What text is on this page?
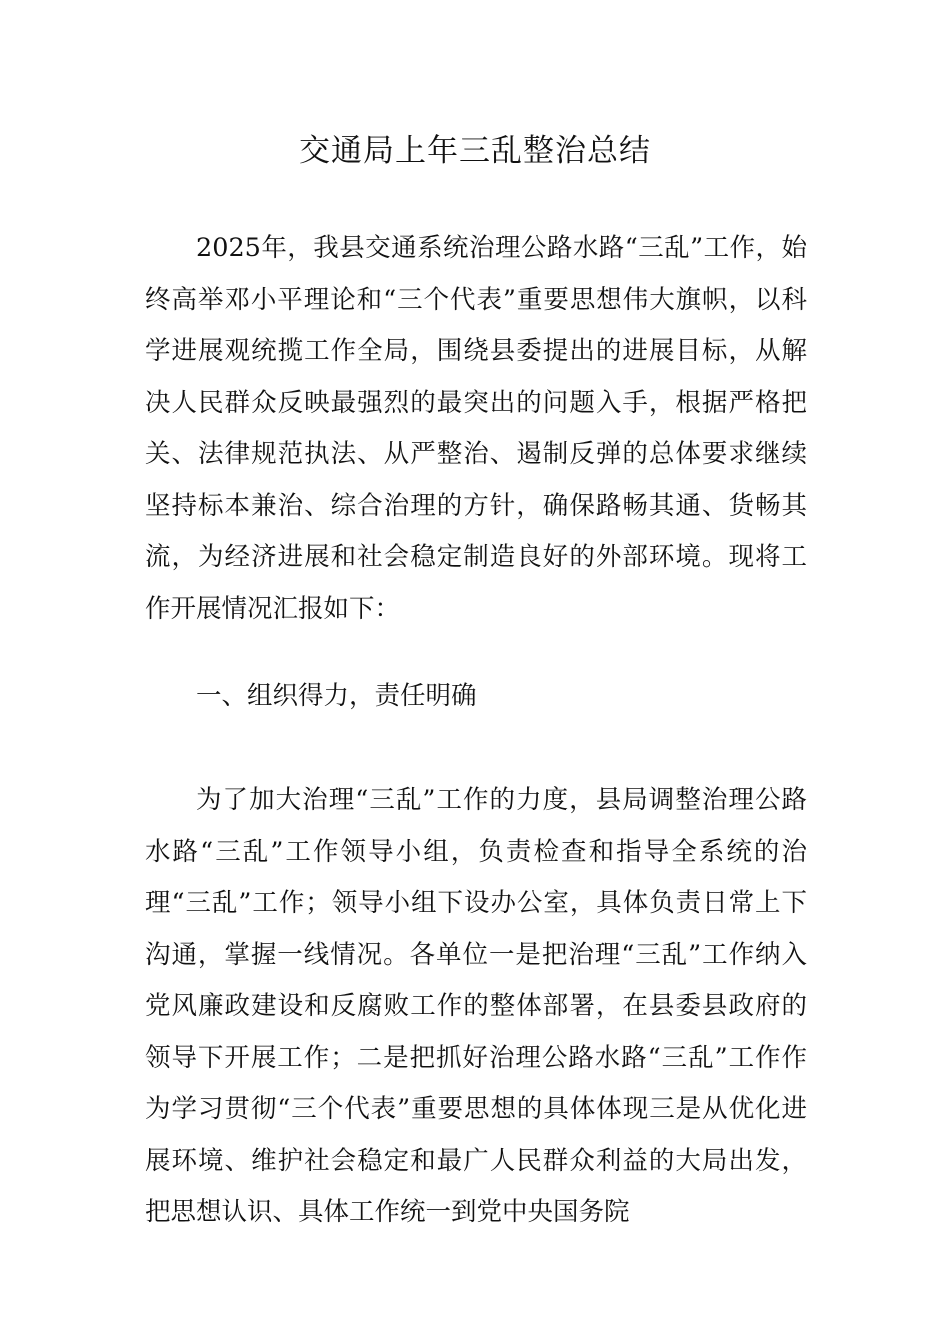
交通局上年三乱整治总结

2025年，我县交通系统治理公路水路“三乱”工作，始终高举邓小平理论和“三个代表”重要思想伟大旗帜，以科学进展观统揽工作全局，围绕县委提出的进展目标，从解决人民群众反映最强烈的最突出的问题入手，根据严格把关、法律规范执法、从严整治、遏制反弹的总体要求继续坚持标本兼治、综合治理的方针，确保路畅其通、货畅其流，为经济进展和社会稳定制造良好的外部环境。现将工作开展情况汇报如下：

一、组织得力，责任明确

为了加大治理“三乱”工作的力度，县局调整治理公路水路“三乱”工作领导小组，负责检查和指导全系统的治理“三乱”工作；领导小组下设办公室，具体负责日常上下沟通，掌握一线情况。各单位一是把治理“三乱”工作纳入党风廉政建设和反腐败工作的整体部署，在县委县政府的领导下开展工作；二是把抓好治理公路水路“三乱”工作作为学习贯彻“三个代表”重要思想的具体体现三是从优化进展环境、维护社会稳定和最广人民群众利益的大局出发，把思想认识、具体工作统一到党中央国务院
